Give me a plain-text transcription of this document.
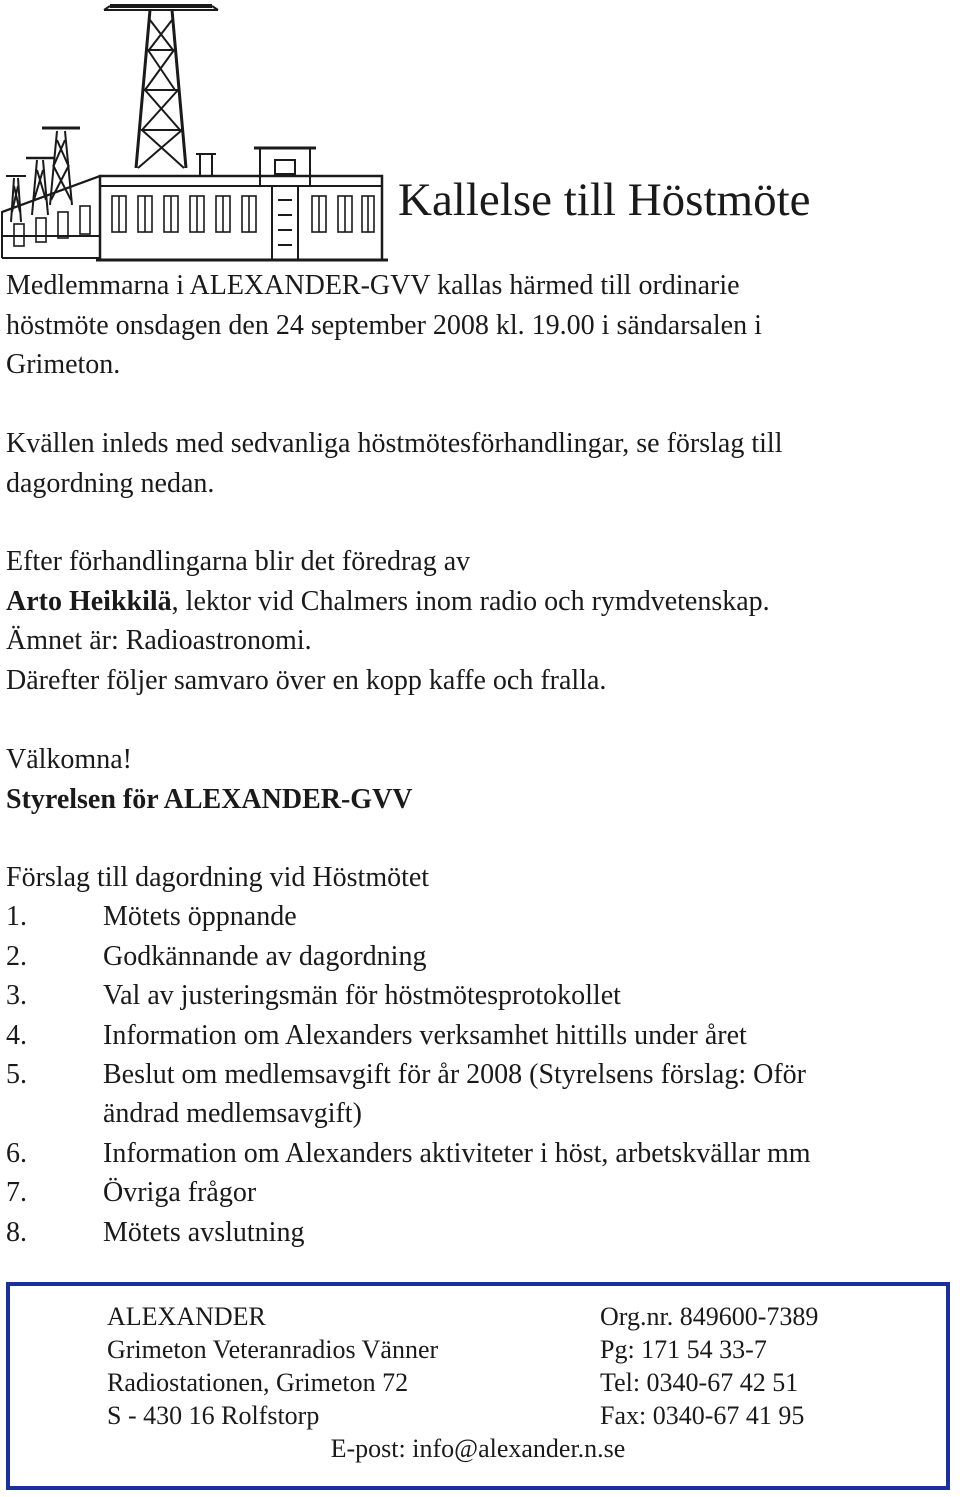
Kallelse till Höstmöte
Medlemmarna i ALEXANDER-GVV kallas härmed till ordinarie
höstmöte onsdagen den 24 september 2008 kl. 19.00 i sändarsalen i
Grimeton.
Kvällen inleds med sedvanliga höstmötesförhandlingar, se förslag till
dagordning nedan.
Efter förhandlingarna blir det föredrag av
Arto Heikkilä, lektor vid Chalmers inom radio och rymdvetenskap.
Ämnet är: Radioastronomi.
Därefter följer samvaro över en kopp kaffe och fralla.
Välkomna!
Styrelsen för ALEXANDER-GVV
Förslag till dagordning vid Höstmötet
1.	Mötets öppnande
2.	Godkännande av dagordning
3.	Val av justeringsmän för höstmötesprotokollet
4.	Information om Alexanders verksamhet hittills under året
5.	Beslut om medlemsavgift för år 2008 (Styrelsens förslag: Oför
ändrad medlemsavgift)
6.	Information om Alexanders aktiviteter i höst, arbetskvällar mm
7.	Övriga frågor
8.	Mötets avslutning
ALEXANDER
Grimeton Veteranradios Vänner
Radiostationen, Grimeton 72
S - 430 16 Rolfstorp
Org.nr. 849600-7389
Pg: 171 54 33-7
Tel: 0340-67 42 51
Fax: 0340-67 41 95
E-post: info@alexander.n.se
